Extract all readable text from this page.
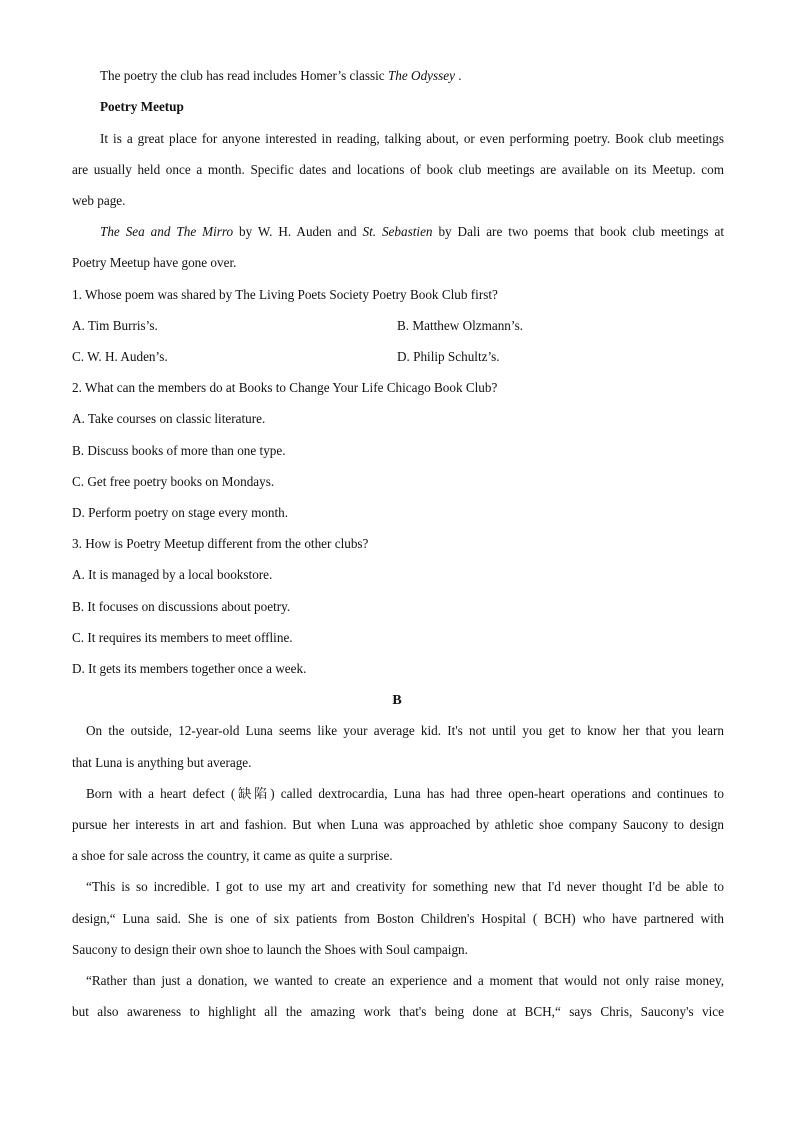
The poetry the club has read includes Homer’s classic The Odyssey .
Poetry Meetup
It is a great place for anyone interested in reading, talking about, or even performing poetry. Book club meetings
are usually held once a month. Specific dates and locations of book club meetings are available on its Meetup. com
web page.
The Sea and The Mirro by W. H. Auden and St. Sebastien by Dali are two poems that book club meetings at
Poetry Meetup have gone over.
1. Whose poem was shared by The Living Poets Society Poetry Book Club first?
A. Tim Burris’s.	B. Matthew Olzmann’s.
C. W. H. Auden’s.	D. Philip Schultz’s.
2. What can the members do at Books to Change Your Life Chicago Book Club?
A. Take courses on classic literature.
B. Discuss books of more than one type.
C. Get free poetry books on Mondays.
D. Perform poetry on stage every month.
3. How is Poetry Meetup different from the other clubs?
A. It is managed by a local bookstore.
B. It focuses on discussions about poetry.
C. It requires its members to meet offline.
D. It gets its members together once a week.
B
On the outside, 12-year-old Luna seems like your average kid. It's not until you get to know her that you learn
that Luna is anything but average.
Born with a heart defect (缺陷) called dextrocardia, Luna has had three open-heart operations and continues to
pursue her interests in art and fashion. But when Luna was approached by athletic shoe company Saucony to design
a shoe for sale across the country, it came as quite a surprise.
“This is so incredible. I got to use my art and creativity for something new that I'd never thought I'd be able to
design,“ Luna said. She is one of six patients from Boston Children's Hospital ( BCH) who have partnered with
Saucony to design their own shoe to launch the Shoes with Soul campaign.
“Rather than just a donation, we wanted to create an experience and a moment that would not only raise money,
but also awareness to highlight all the amazing work that's being done at BCH,“ says Chris, Saucony's vice
